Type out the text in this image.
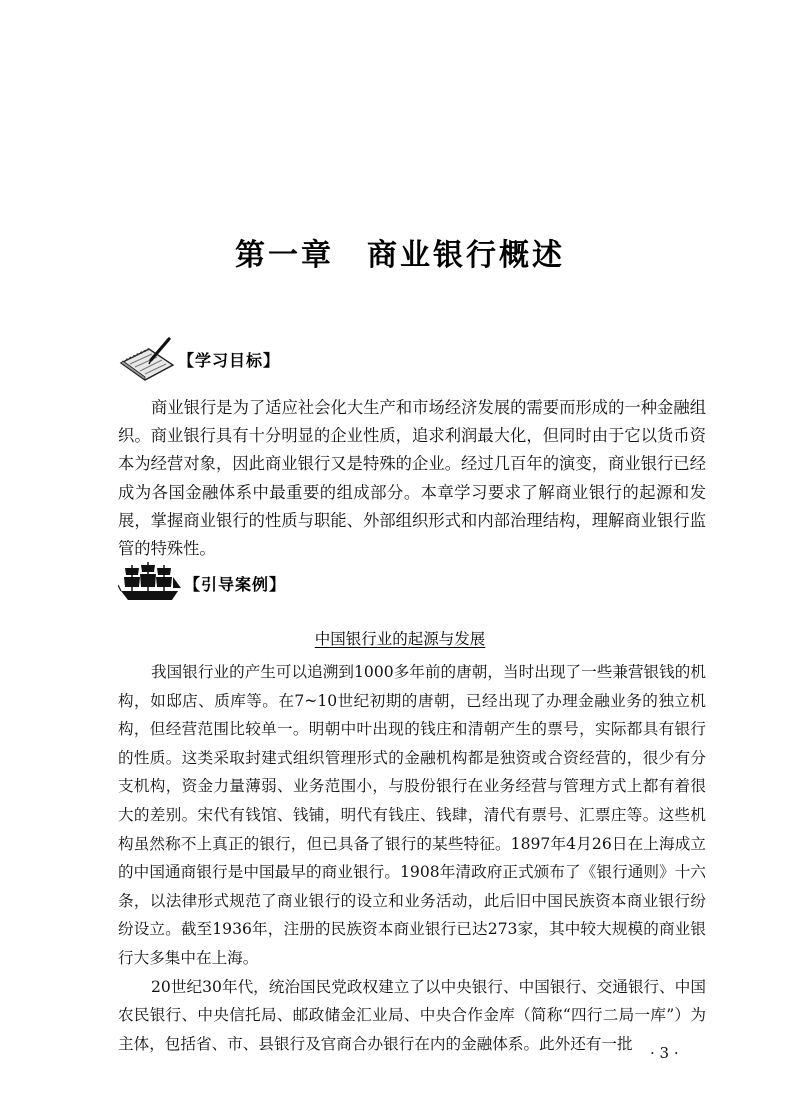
第一章　商业银行概述
【学习目标】

商业银行是为了适应社会化大生产和市场经济发展的需要而形成的一种金融组织。商业银行具有十分明显的企业性质，追求利润最大化，但同时由于它以货币资本为经营对象，因此商业银行又是特殊的企业。经过几百年的演变，商业银行已经成为各国金融体系中最重要的组成部分。本章学习要求了解商业银行的起源和发展，掌握商业银行的性质与职能、外部组织形式和内部治理结构，理解商业银行监管的特殊性。

【引导案例】
中国银行业的起源与发展

我国银行业的产生可以追溯到1000多年前的唐朝，当时出现了一些兼营银钱的机构，如邸店、质库等。在7~10世纪初期的唐朝，已经出现了办理金融业务的独立机构，但经营范围比较单一。明朝中叶出现的钱庄和清朝产生的票号，实际都具有银行的性质。这类采取封建式组织管理形式的金融机构都是独资或合资经营的，很少有分支机构，资金力量薄弱、业务范围小，与股份银行在业务经营与管理方式上都有着很大的差别。宋代有钱馆、钱铺，明代有钱庄、钱肆，清代有票号、汇票庄等。这些机构虽然称不上真正的银行，但已具备了银行的某些特征。1897年4月26日在上海成立的中国通商银行是中国最早的商业银行。1908年清政府正式颁布了《银行通则》十六条，以法律形式规范了商业银行的设立和业务活动，此后旧中国民族资本商业银行纷纷设立。截至1936年，注册的民族资本商业银行已达273家，其中较大规模的商业银行大多集中在上海。

20世纪30年代，统治国民党政权建立了以中央银行、中国银行、交通银行、中国农民银行、中央信托局、邮政储金汇业局、中央合作金库（简称“四行二局一库”）为主体，包括省、市、县银行及官商合办银行在内的金融体系。此外还有一批

· 3 ·
